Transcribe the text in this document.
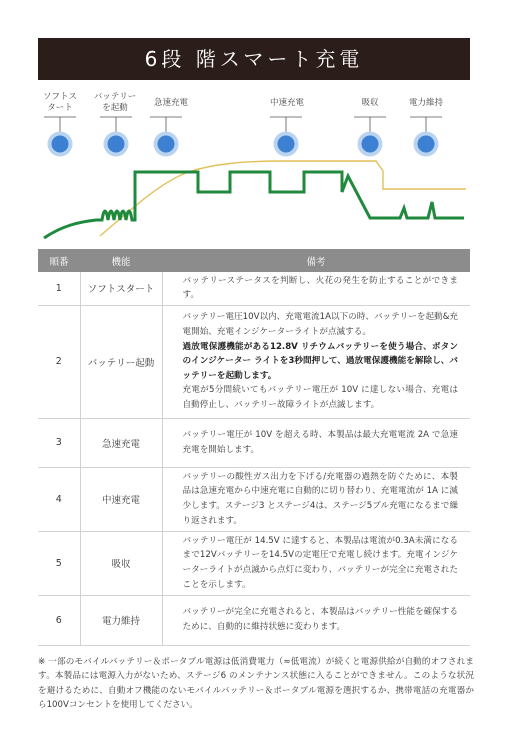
6段 階スマート充電
ソフトス
タート
バッテリー
を起動	急速充電	中速充電	吸収	電力維持
順番	機能	備考
1	ソフトスタート	バッテリーステータスを判断し、火花の発生を防止することができます。
2	バッテリー起動	バッテリー電圧10V以内、充電電流1A以下の時、バッテリーを起動&充電開始、充電インジケーターライトが点滅する。
過放電保護機能がある12.8V リチウムバッテリーを使う場合、ボタンのインジケーター ライトを3秒間押して、過放電保護機能を解除し、バッテリーを起動します。
充電が5分間続いてもバッテリー電圧が 10V に達しない場合、充電は自動停止し、バッテリー故障ライトが点滅します。

3	急速充電	バッテリー電圧が 10V を超える時、本製品は最大充電電流 2A で急速充電を開始します。
4	中速充電	バッテリーの酸性ガス出力を下げる/充電器の過熱を防ぐために、本製品は急速充電から中速充電に自動的に切り替わり、充電電流が 1A に減少します。ステージ3 とステージ4は、ステージ5ブル充電になるまで繰り返されます。
5	吸収	バッテリー電圧が 14.5V に達すると、本製品は電流が0.3A未満になるまで12Vバッテリーを14.5Vの定電圧で充電し続けます。充電インジケーターライトが点滅から点灯に変わり、バッテリーが完全に充電されたことを示します。
6	電力維持	バッテリーが完全に充電されると、本製品はバッテリー性能を確保するために、自動的に維持状態に変わります。
※ 一部のモバイルバッテリー＆ポータブル電源は低消費電力（≈低電流）が続くと電源供給が自動的オフされます。本製品には電源入力がないため、ステージ6 のメンテナンス状態に入ることができません。このような状況を避けるために、自動オフ機能のないモバイルバッテリー＆ポータブル電源を選択するか、携帯電話の充電器から100Vコンセントを使用してください。
